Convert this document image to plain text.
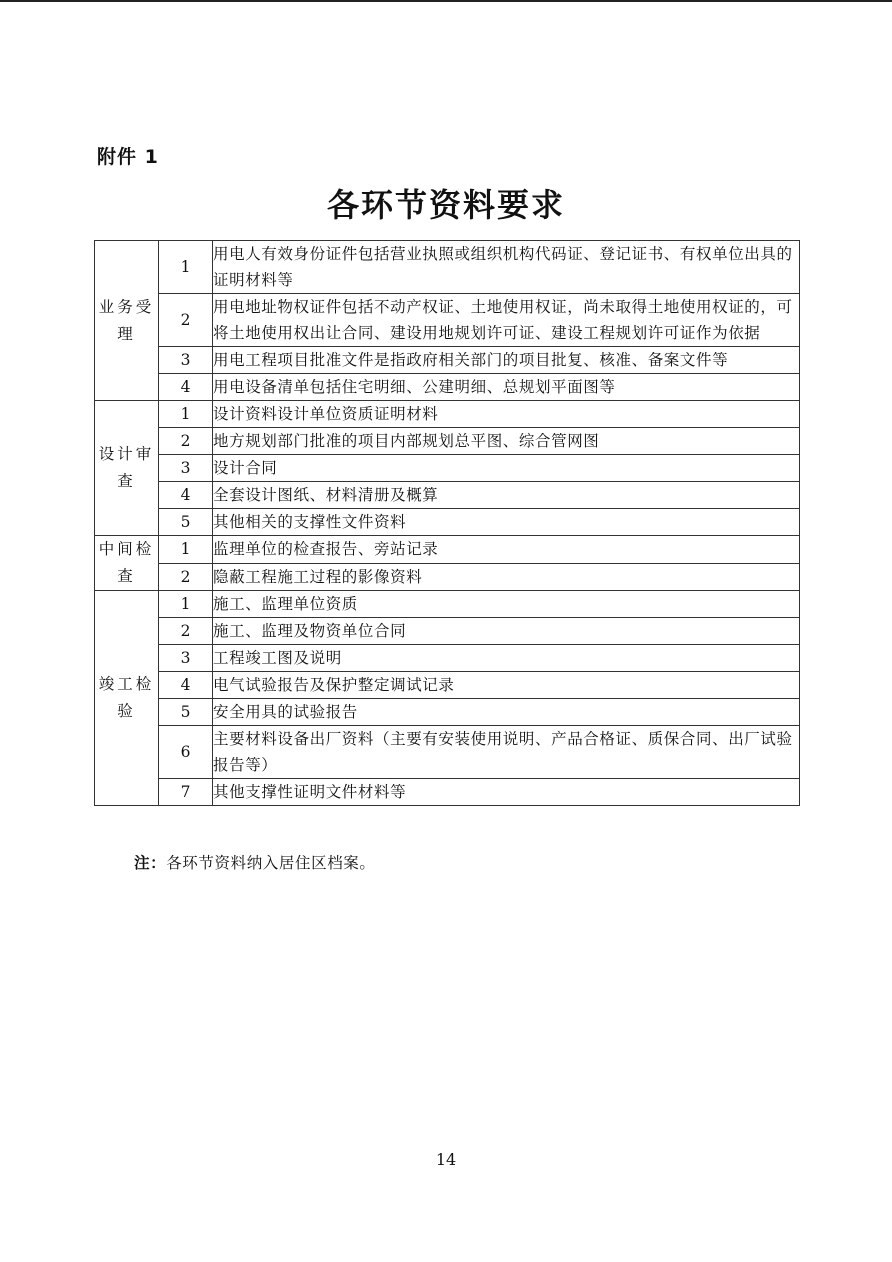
附件 1
各环节资料要求
业务受理	1	用电人有效身份证件包括营业执照或组织机构代码证、登记证书、有权单位出具的证明材料等
	2	用电地址物权证件包括不动产权证、土地使用权证，尚未取得土地使用权证的，可将土地使用权出让合同、建设用地规划许可证、建设工程规划许可证作为依据
	3	用电工程项目批准文件是指政府相关部门的项目批复、核准、备案文件等
	4	用电设备清单包括住宅明细、公建明细、总规划平面图等
设计审查	1	设计资料设计单位资质证明材料
	2	地方规划部门批准的项目内部规划总平图、综合管网图
	3	设计合同
	4	全套设计图纸、材料清册及概算
	5	其他相关的支撑性文件资料
中间检查	1	监理单位的检查报告、旁站记录
	2	隐蔽工程施工过程的影像资料
竣工检验	1	施工、监理单位资质
	2	施工、监理及物资单位合同
	3	工程竣工图及说明
	4	电气试验报告及保护整定调试记录
	5	安全用具的试验报告
	6	主要材料设备出厂资料（主要有安装使用说明、产品合格证、质保合同、出厂试验报告等）
	7	其他支撑性证明文件材料等
注：各环节资料纳入居住区档案。
14
